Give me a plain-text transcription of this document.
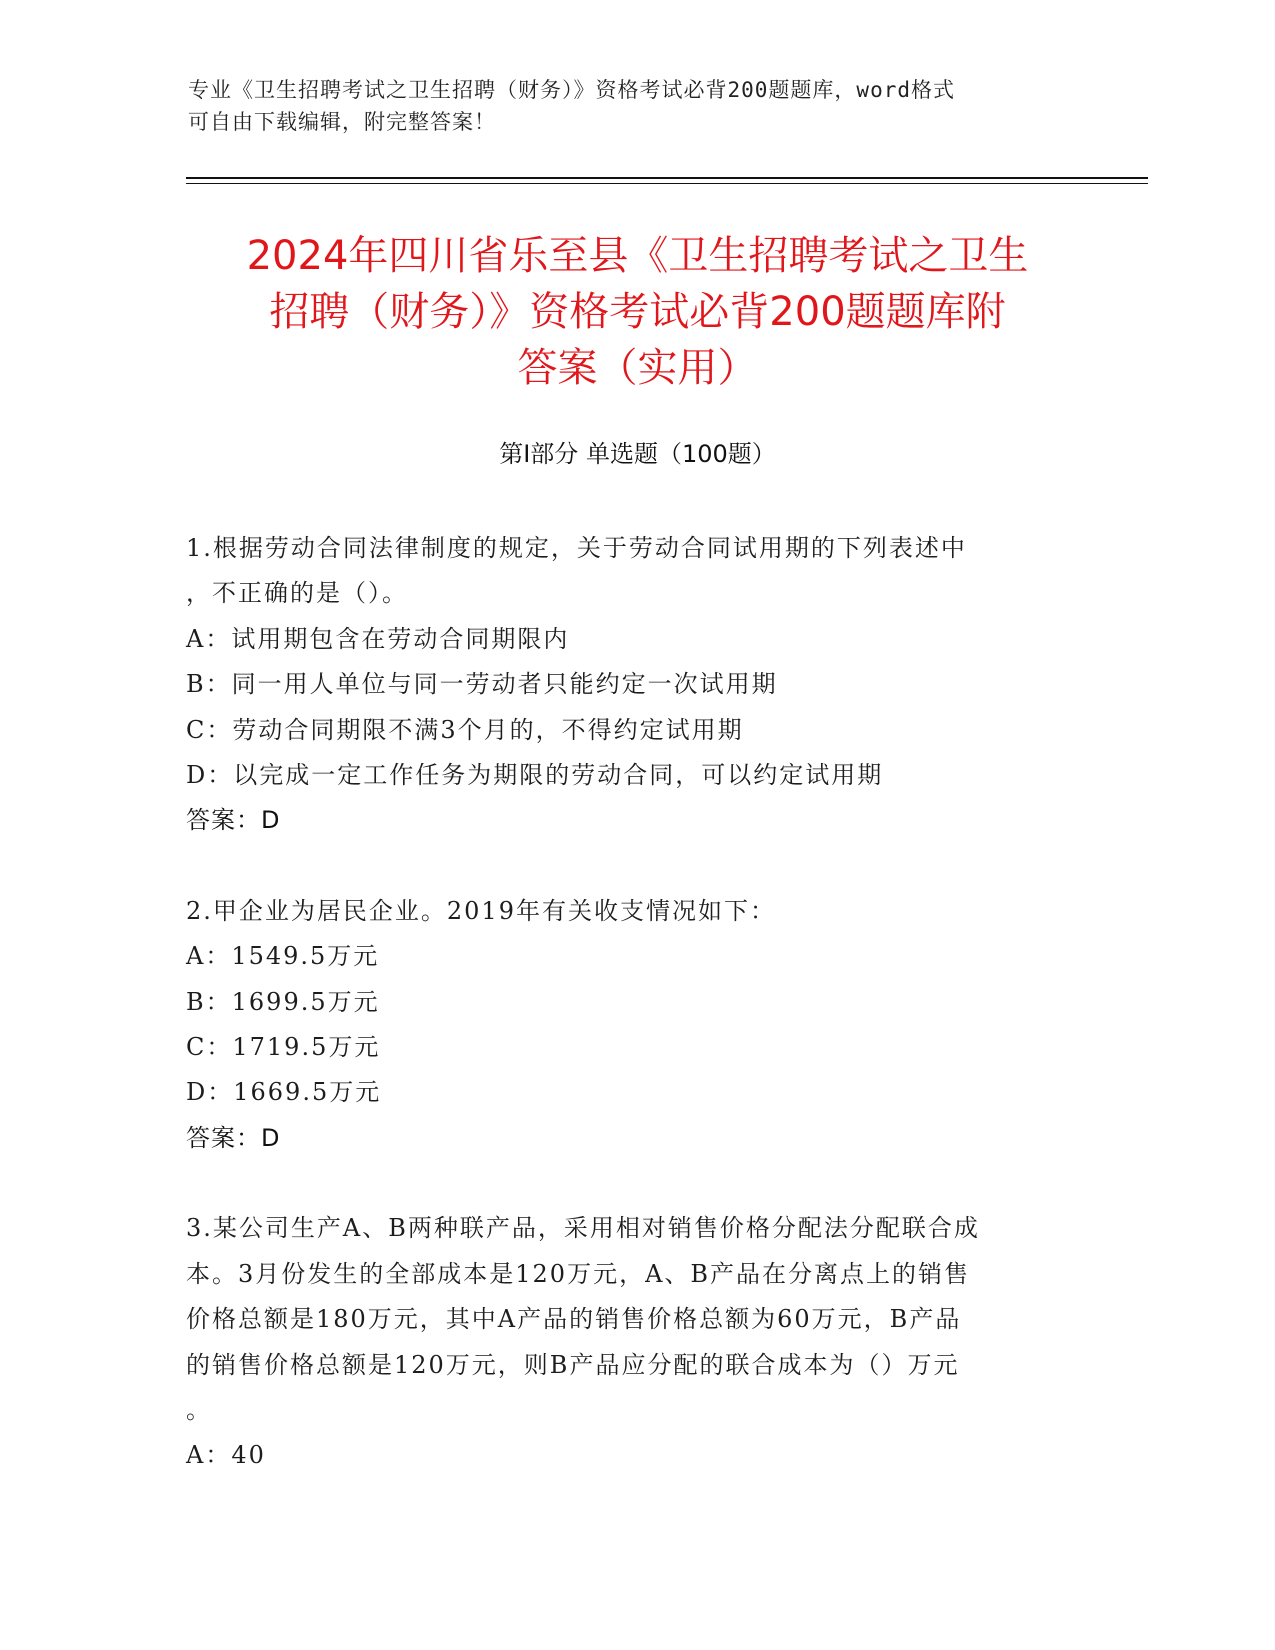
专业《卫生招聘考试之卫生招聘（财务）》资格考试必背200题题库，word格式
可自由下载编辑，附完整答案！
2024年四川省乐至县《卫生招聘考试之卫生
招聘（财务）》资格考试必背200题题库附
答案（实用）
第Ⅰ部分 单选题（100题）
1.根据劳动合同法律制度的规定，关于劳动合同试用期的下列表述中
，不正确的是（）。
A：试用期包含在劳动合同期限内
B：同一用人单位与同一劳动者只能约定一次试用期
C：劳动合同期限不满3个月的，不得约定试用期
D：以完成一定工作任务为期限的劳动合同，可以约定试用期
答案：D
2.甲企业为居民企业。2019年有关收支情况如下：
A：1549.5万元
B：1699.5万元
C：1719.5万元
D：1669.5万元
答案：D
3.某公司生产A、B两种联产品，采用相对销售价格分配法分配联合成
本。3月份发生的全部成本是120万元，A、B产品在分离点上的销售
价格总额是180万元，其中A产品的销售价格总额为60万元，B产品
的销售价格总额是120万元，则B产品应分配的联合成本为（）万元
。
A：40
